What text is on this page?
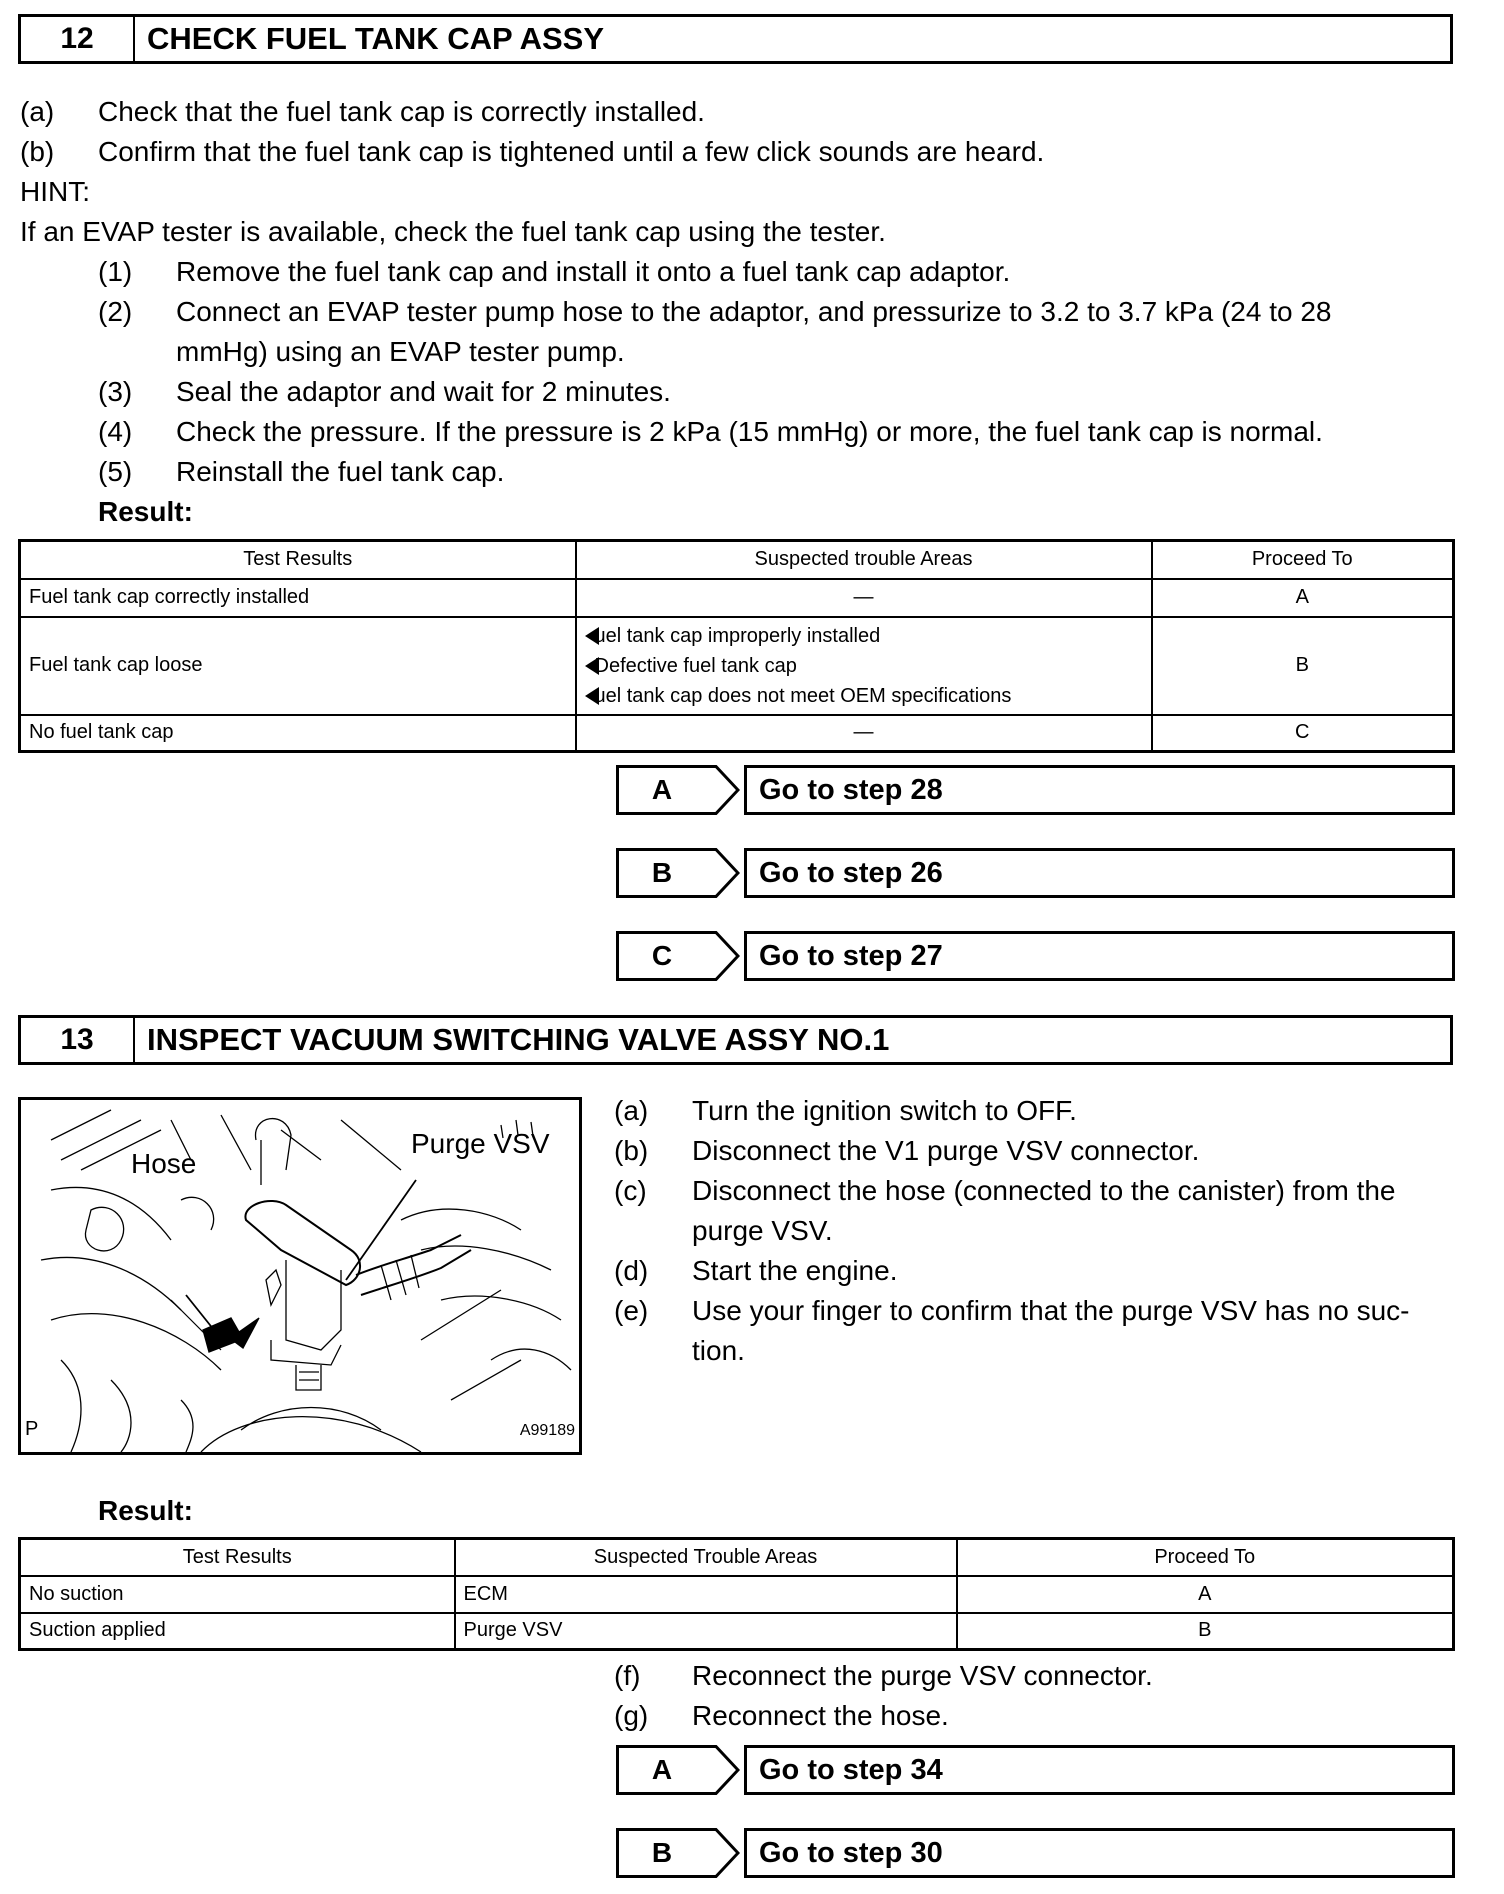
12	CHECK FUEL TANK CAP ASSY
(a) Check that the fuel tank cap is correctly installed.
(b) Confirm that the fuel tank cap is tightened until a few click sounds are heard.
HINT:
If an EVAP tester is available, check the fuel tank cap using the tester.
(1) Remove the fuel tank cap and install it onto a fuel tank cap adaptor.
(2) Connect an EVAP tester pump hose to the adaptor, and pressurize to 3.2 to 3.7 kPa (24 to 28
mmHg) using an EVAP tester pump.
(3) Seal the adaptor and wait for 2 minutes.
(4) Check the pressure. If the pressure is 2 kPa (15 mmHg) or more, the fuel tank cap is normal.
(5) Reinstall the fuel tank cap.
Result:
Test Results	Suspected trouble Areas	Proceed To
Fuel tank cap correctly installed	—	A
Fuel tank cap loose	uel tank cap improperly installed
Defective fuel tank cap
uel tank cap does not meet OEM specifications	B
No fuel tank cap	—	C
A	Go to step 28
B	Go to step 26
C	Go to step 27
13	INSPECT VACUUM SWITCHING VALVE ASSY NO.1
Hose
Purge VSV
P	A99189
(a) Turn the ignition switch to OFF.
(b) Disconnect the V1 purge VSV connector.
(c) Disconnect the hose (connected to the canister) from the
purge VSV.
(d) Start the engine.
(e) Use your finger to confirm that the purge VSV has no suc-
tion.
Result:
Test Results	Suspected Trouble Areas	Proceed To
No suction	ECM	A
Suction applied	Purge VSV	B
(f) Reconnect the purge VSV connector.
(g) Reconnect the hose.
A	Go to step 34
B	Go to step 30
